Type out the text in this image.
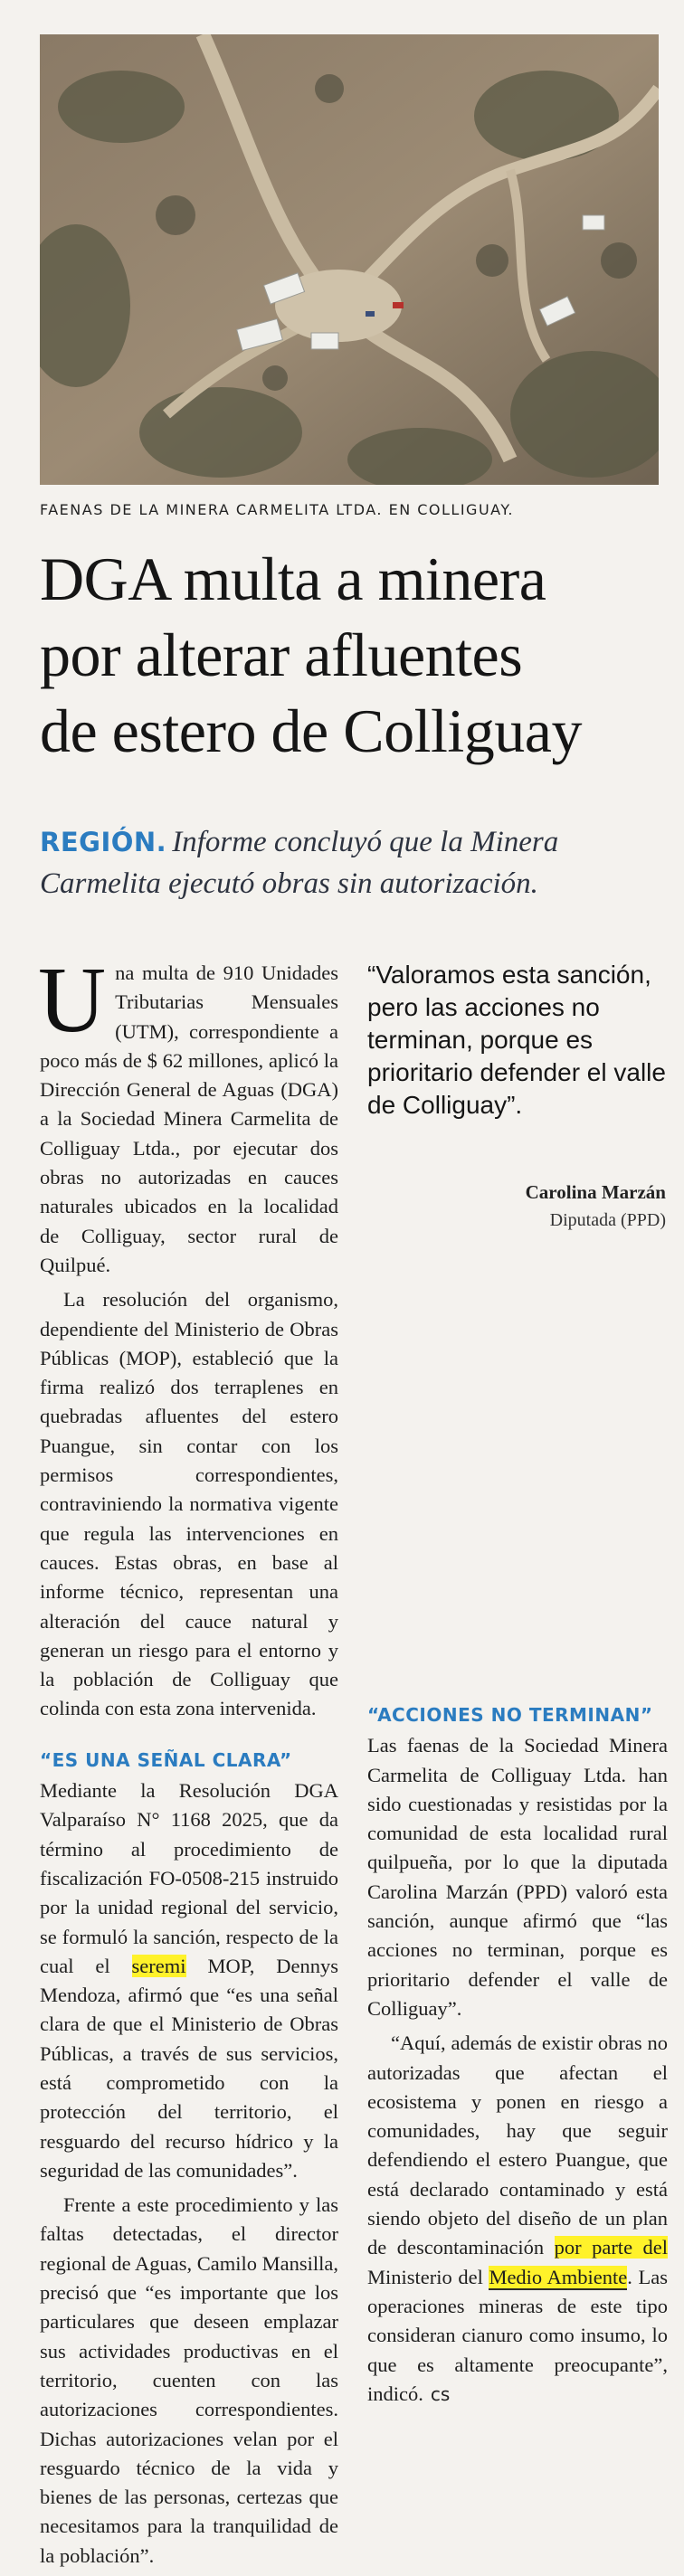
FAENAS DE LA MINERA CARMELITA LTDA. EN COLLIGUAY.
DGA multa a minera
por alterar afluentes
de estero de Colliguay
REGIÓN. Informe concluyó que la Minera Carmelita ejecutó obras sin autorización.
“Valoramos esta sanción, pero las acciones no terminan, porque es prioritario defender el valle de Colliguay”.
Carolina Marzán
Diputada (PPD)

Una multa de 910 Unidades Tributarias Mensuales (UTM), correspondiente a poco más de $ 62 millones, aplicó la Dirección General de Aguas (DGA) a la Sociedad Minera Carmelita de Colliguay Ltda., por ejecutar dos obras no autorizadas en cauces naturales ubicados en la localidad de Colliguay, sector rural de Quilpué.

La resolución del organismo, dependiente del Ministerio de Obras Públicas (MOP), estableció que la firma realizó dos terraplenes en quebradas afluentes del estero Puangue, sin contar con los permisos correspondientes, contraviniendo la normativa vigente que regula las intervenciones en cauces. Estas obras, en base al informe técnico, representan una alteración del cauce natural y generan un riesgo para el entorno y la población de Colliguay que colinda con esta zona intervenida.

“ES UNA SEÑAL CLARA”

Mediante la Resolución DGA Valparaíso N° 1168 2025, que da término al procedimiento de fiscalización FO-0508-215 instruido por la unidad regional del servicio, se formuló la sanción, respecto de la cual el seremi MOP, Dennys Mendoza, afirmó que “es una señal clara de que el Ministerio de Obras Públicas, a través de sus servicios, está comprometido con la protección del territorio, el resguardo del recurso hídrico y la seguridad de las comunidades”.

Frente a este procedimiento y las faltas detectadas, el director regional de Aguas, Camilo Mansilla, precisó que “es importante que los particulares que deseen emplazar sus actividades productivas en el territorio, cuenten con las autorizaciones correspondientes. Dichas autorizaciones velan por el resguardo técnico de la vida y bienes de las personas, certezas que necesitamos para la tranquilidad de la población”.

“ACCIONES NO TERMINAN”

Las faenas de la Sociedad Minera Carmelita de Colliguay Ltda. han sido cuestionadas y resistidas por la comunidad de esta localidad rural quilpueña, por lo que la diputada Carolina Marzán (PPD) valoró esta sanción, aunque afirmó que “las acciones no terminan, porque es prioritario defender el valle de Colliguay”.

“Aquí, además de existir obras no autorizadas que afectan el ecosistema y ponen en riesgo a comunidades, hay que seguir defendiendo el estero Puangue, que está declarado contaminado y está siendo objeto del diseño de un plan de descontaminación por parte del Ministerio del Medio Ambiente. Las operaciones mineras de este tipo consideran cianuro como insumo, lo que es altamente preocupante”, indicó. cs
